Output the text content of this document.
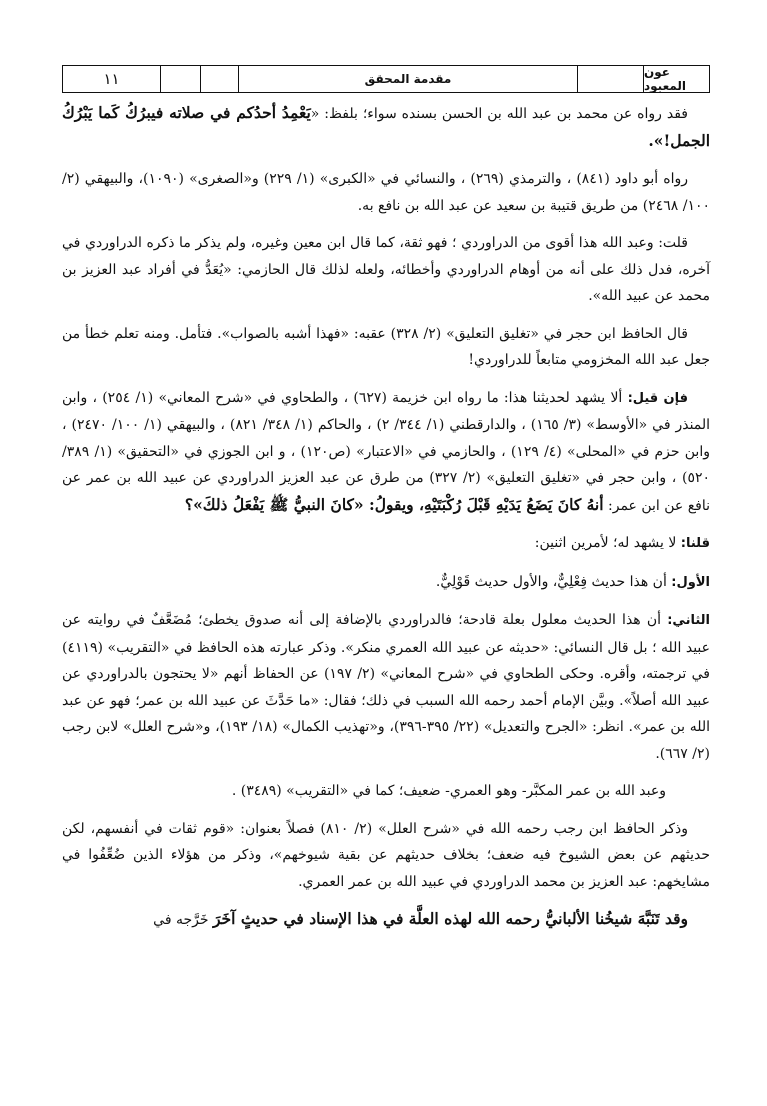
عون المعبود
مقدمة المحقق
١١

فقد رواه عن محمد بن عبد الله بن الحسن بسنده سواء؛ بلفظ: «يَعْمِدُ أحدُكم في صلاته فيبرُكُ كَما يَبْرُكُ الجمل!».

رواه أبو داود (٨٤١) ، والترمذي (٢٦٩) ، والنسائي في «الكبرى» (١/ ٢٢٩) و«الصغرى» (١٠٩٠)، والبيهقي (٢/ ١٠٠/ ٢٤٦٨) من طريق قتيبة بن سعيد عن عبد الله بن نافع به.

قلت: وعبد الله هذا أقوى من الدراوردي ؛ فهو ثقة، كما قال ابن معين وغيره، ولم يذكر ما ذكره الدراوردي في آخره، فدل ذلك على أنه من أوهام الدراوردي وأخطائه، ولعله لذلك قال الحازمي: «يُعَدُّ في أفراد عبد العزيز بن محمد عن عبيد الله».

قال الحافظ ابن حجر في «تغليق التعليق» (٢/ ٣٢٨) عقبه: «فهذا أشبه بالصواب». فتأمل. ومنه تعلم خطأ من جعل عبد الله المخزومي متابعاً للدراوردي!

فإن قيل: ألا يشهد لحديثنا هذا: ما رواه ابن خزيمة (٦٢٧) ، والطحاوي في «شرح المعاني» (١/ ٢٥٤) ، وابن المنذر في «الأوسط» (٣/ ١٦٥) ، والدارقطني (١/ ٣٤٤/ ٢) ، والحاكم (١/ ٣٤٨/ ٨٢١) ، والبيهقي (١/ ١٠٠/ ٢٤٧٠) ، وابن حزم في «المحلى» (٤/ ١٢٩) ، والحازمي في «الاعتبار» (ص١٢٠) ، و ابن الجوزي في «التحقيق» (١/ ٣٨٩/ ٥٢٠) ، وابن حجر في «تغليق التعليق» (٢/ ٣٢٧) من طرق عن عبد العزيز الدراوردي عن عبيد الله بن عمر عن نافع عن ابن عمر: أنهُ كانَ يَضَعُ يَدَيْهِ قَبْلَ رُكْبَتَيْهِ، ويقولُ: «كانَ النبيُّ ﷺ يَفْعَلُ ذلكَ»؟

قلنا: لا يشهد له؛ لأمرين اثنين:

الأول: أن هذا حديث فِعْلِيٌّ، والأول حديث قَوْلِيٌّ.

الثاني: أن هذا الحديث معلول بعلة قادحة؛ فالدراوردي بالإضافة إلى أنه صدوق يخطئ؛ مُضَعَّفٌ في روايته عن عبيد الله ؛ بل قال النسائي: «حديثه عن عبيد الله العمري منكر». وذكر عبارته هذه الحافظ في «التقريب» (٤١١٩) في ترجمته، وأقره. وحكى الطحاوي في «شرح المعاني» (٢/ ١٩٧) عن الحفاظ أنهم «لا يحتجون بالدراوردي عن عبيد الله أصلاً». وبيَّن الإمام أحمد رحمه الله السبب في ذلك؛ فقال: «ما حَدَّثَ عن عبيد الله بن عمر؛ فهو عن عبد الله بن عمر». انظر: «الجرح والتعديل» (٢٢/ ٣٩٥-٣٩٦)، و«تهذيب الكمال» (١٨/ ١٩٣)، و«شرح العلل» لابن رجب (٢/ ٦٦٧).

وعبد الله بن عمر المكبَّر- وهو العمري- ضعيف؛ كما في «التقريب» (٣٤٨٩) .

وذكر الحافظ ابن رجب رحمه الله في «شرح العلل» (٢/ ٨١٠) فصلاً بعنوان: «قوم ثقات في أنفسهم، لكن حديثهم عن بعض الشيوخ فيه ضعف؛ بخلاف حديثهم عن بقية شيوخهم»، وذكر من هؤلاء الذين ضُعِّفُوا في مشايخهم: عبد العزيز بن محمد الدراوردي في عبيد الله بن عمر العمري.

وقد تَنَبَّهَ شيخُنا الألبانيُّ رحمه الله لهذه العلَّة في هذا الإسناد في حديثٍ آخَرَ خَرَّجه في
